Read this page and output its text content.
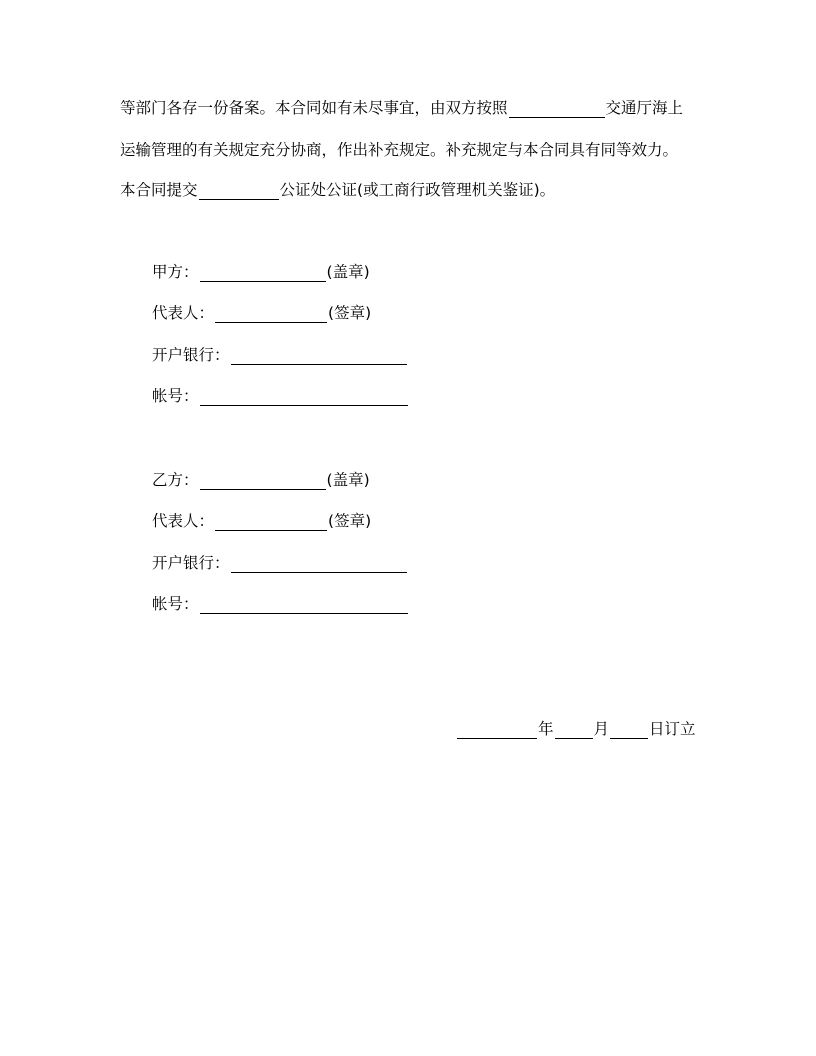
等部门各存一份备案。本合同如有未尽事宜，由双方按照	交通厅海上
运输管理的有关规定充分协商，作出补充规定。补充规定与本合同具有同等效力。
本合同提交	公证处公证(或工商行政管理机关鉴证)。
甲方：	(盖章)
代表人：	(签章)
开户银行：
帐号：
乙方：	(盖章)
代表人：	(签章)
开户银行：
帐号：
年	月	日订立
